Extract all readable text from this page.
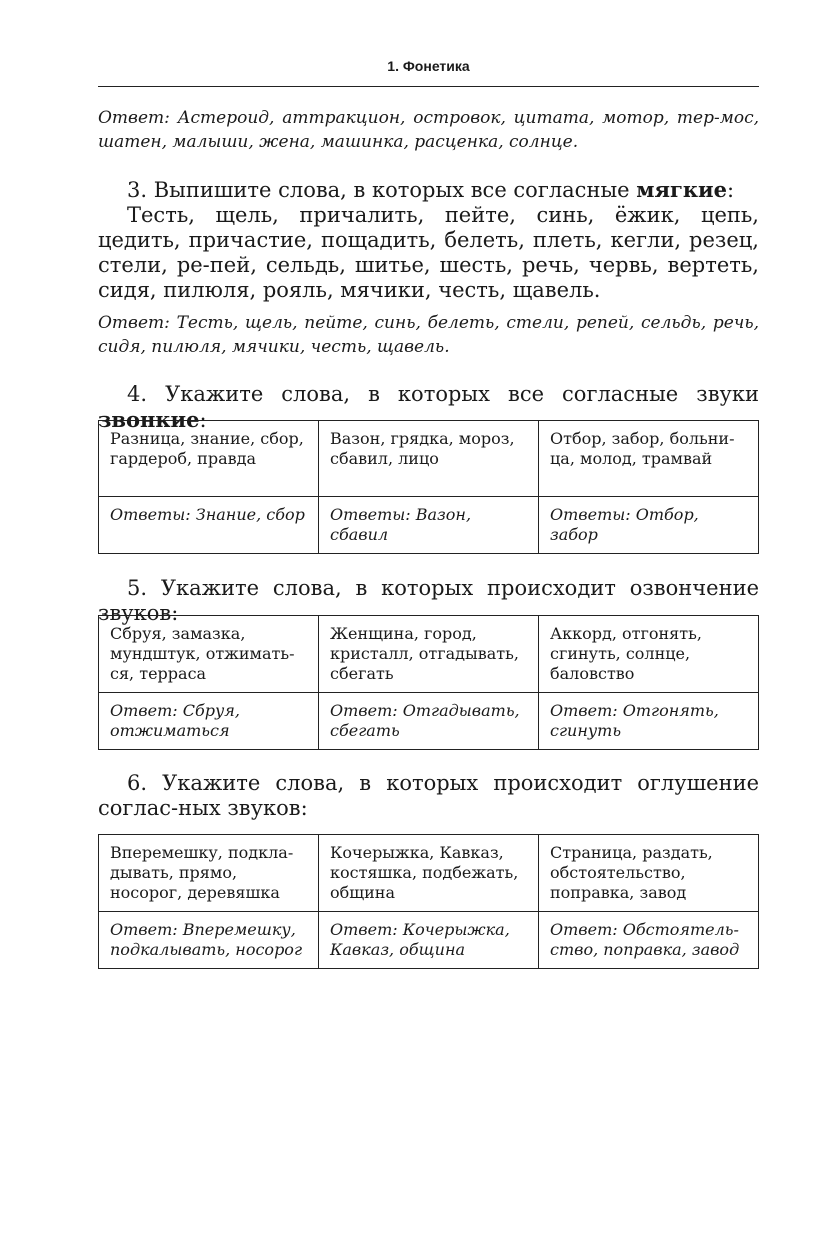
1. Фонетика
Ответ: Астероид, аттракцион, островок, цитата, мотор, тер-мос, шатен, малыши, жена, машинка, расценка, солнце.

3. Выпишите слова, в которых все согласные мягкие:

Тесть, щель, причалить, пейте, синь, ёжик, цепь, цедить, причастие, пощадить, белеть, плеть, кегли, резец, стели, ре-пей, сельдь, шитье, шесть, речь, червь, вертеть, сидя, пилюля, рояль, мячики, честь, щавель.

Ответ: Тесть, щель, пейте, синь, белеть, стели, репей, сельдь, речь, сидя, пилюля, мячики, честь, щавель.

4. Укажите слова, в которых все согласные звуки звонкие:

Разница, знание, сбор, гардероб, правда	Вазон, грядка, мороз, сбавил, лицо	Отбор, забор, больни-ца, молод, трамвай
Ответы: Знание, сбор	Ответы: Вазон, сбавил	Ответы: Отбор, забор

5. Укажите слова, в которых происходит озвончение звуков:

Сбруя, замазка, мундштук, отжимать-ся, терраса	Женщина, город, кристалл, отгадывать, сбегать	Аккорд, отгонять, сгинуть, солнце, баловство
Ответ: Сбруя, отжиматься	Ответ: Отгадывать, сбегать	Ответ: Отгонять, сгинуть

6. Укажите слова, в которых происходит оглушение соглас-ных звуков:

Вперемешку, подкла-дывать, прямо, носорог, деревяшка	Кочерыжка, Кавказ, костяшка, подбежать, община	Страница, раздать, обстоятельство, поправка, завод
Ответ: Вперемешку, подкалывать, носорог	Ответ: Кочерыжка, Кавказ, община	Ответ: Обстоятель-ство, поправка, завод
